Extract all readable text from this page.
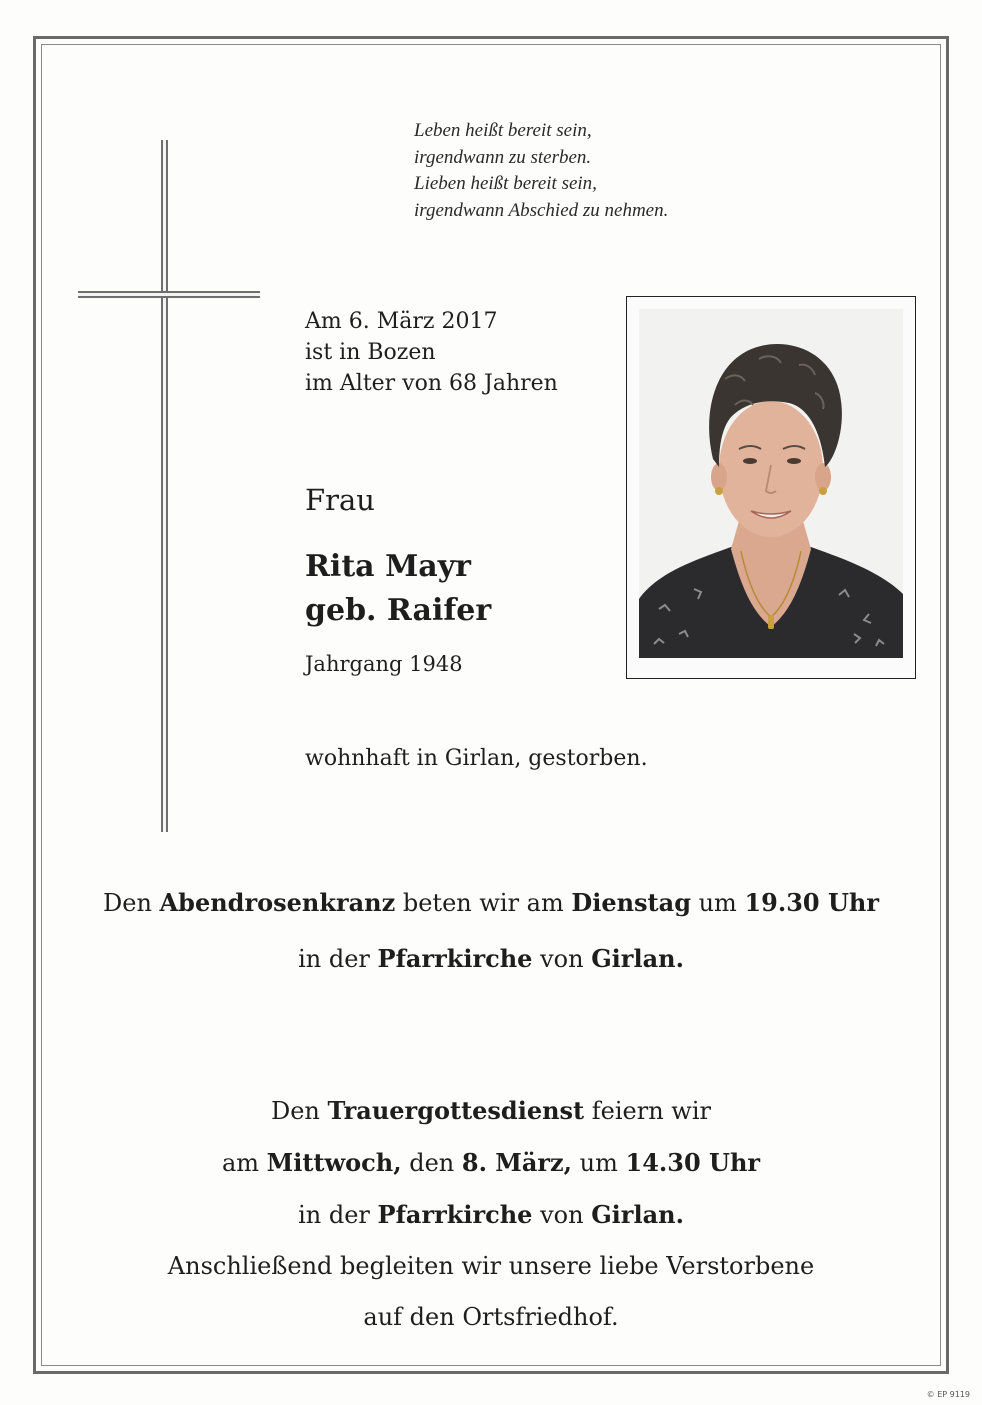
Leben heißt bereit sein,
irgendwann zu sterben.
Lieben heißt bereit sein,
irgendwann Abschied zu nehmen.
Am 6. März 2017
ist in Bozen
im Alter von 68 Jahren
Frau
Rita Mayr
geb. Raifer
Jahrgang 1948
wohnhaft in Girlan, gestorben.
Den Abendrosenkranz beten wir am Dienstag um 19.30 Uhr
in der Pfarrkirche von Girlan.
Den Trauergottesdienst feiern wir
am Mittwoch, den 8. März, um 14.30 Uhr
in der Pfarrkirche von Girlan.
Anschließend begleiten wir unsere liebe Verstorbene
auf den Ortsfriedhof.
© EP 9119
